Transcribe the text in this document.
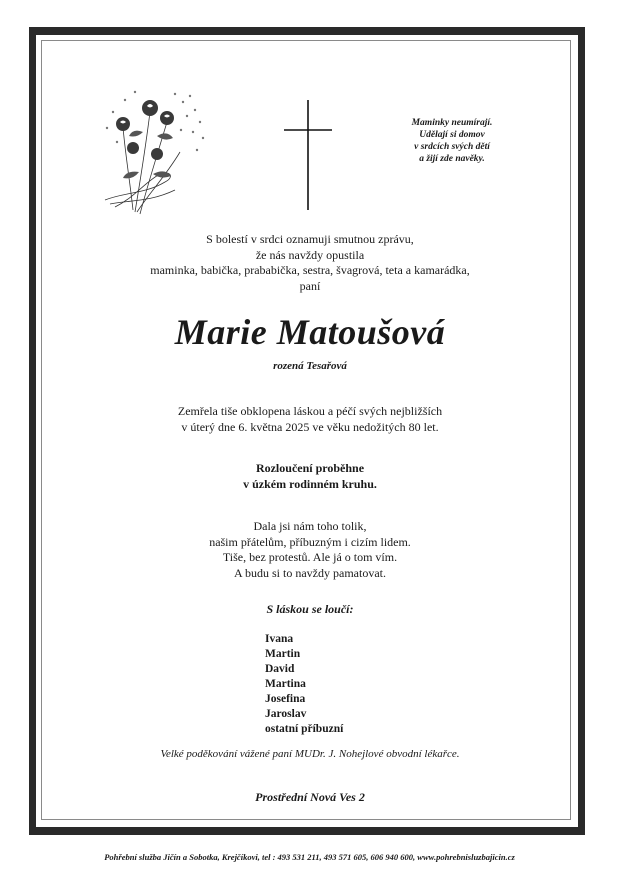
Maminky neumírají.
Udělají si domov
v srdcích svých dětí
a žijí zde navěky.
S bolestí v srdci oznamuji smutnou zprávu,
že nás navždy opustila
maminka, babička, prababička, sestra, švagrová, teta a kamarádka,
paní
Marie Matoušová
rozená Tesařová
Zemřela tiše obklopena láskou a péčí svých nejbližších
v úterý dne 6. května 2025 ve věku nedožitých 80 let.
Rozloučení proběhne
v úzkém rodinném kruhu.
Dala jsi nám toho tolik,
našim přátelům, příbuzným i cizím lidem.
Tiše, bez protestů. Ale já o tom vím.
A budu si to navždy pamatovat.
S láskou se loučí:
Ivana
Martin
David
Martina
Josefina
Jaroslav
ostatní příbuzní
Velké poděkování vážené paní MUDr. J. Nohejlové obvodní lékařce.
Prostřední Nová Ves 2
Pohřební služba Jičín a Sobotka, Krejčíkovi, tel : 493 531 211, 493 571 605, 606 940 600, www.pohrebnisluzbajicin.cz
